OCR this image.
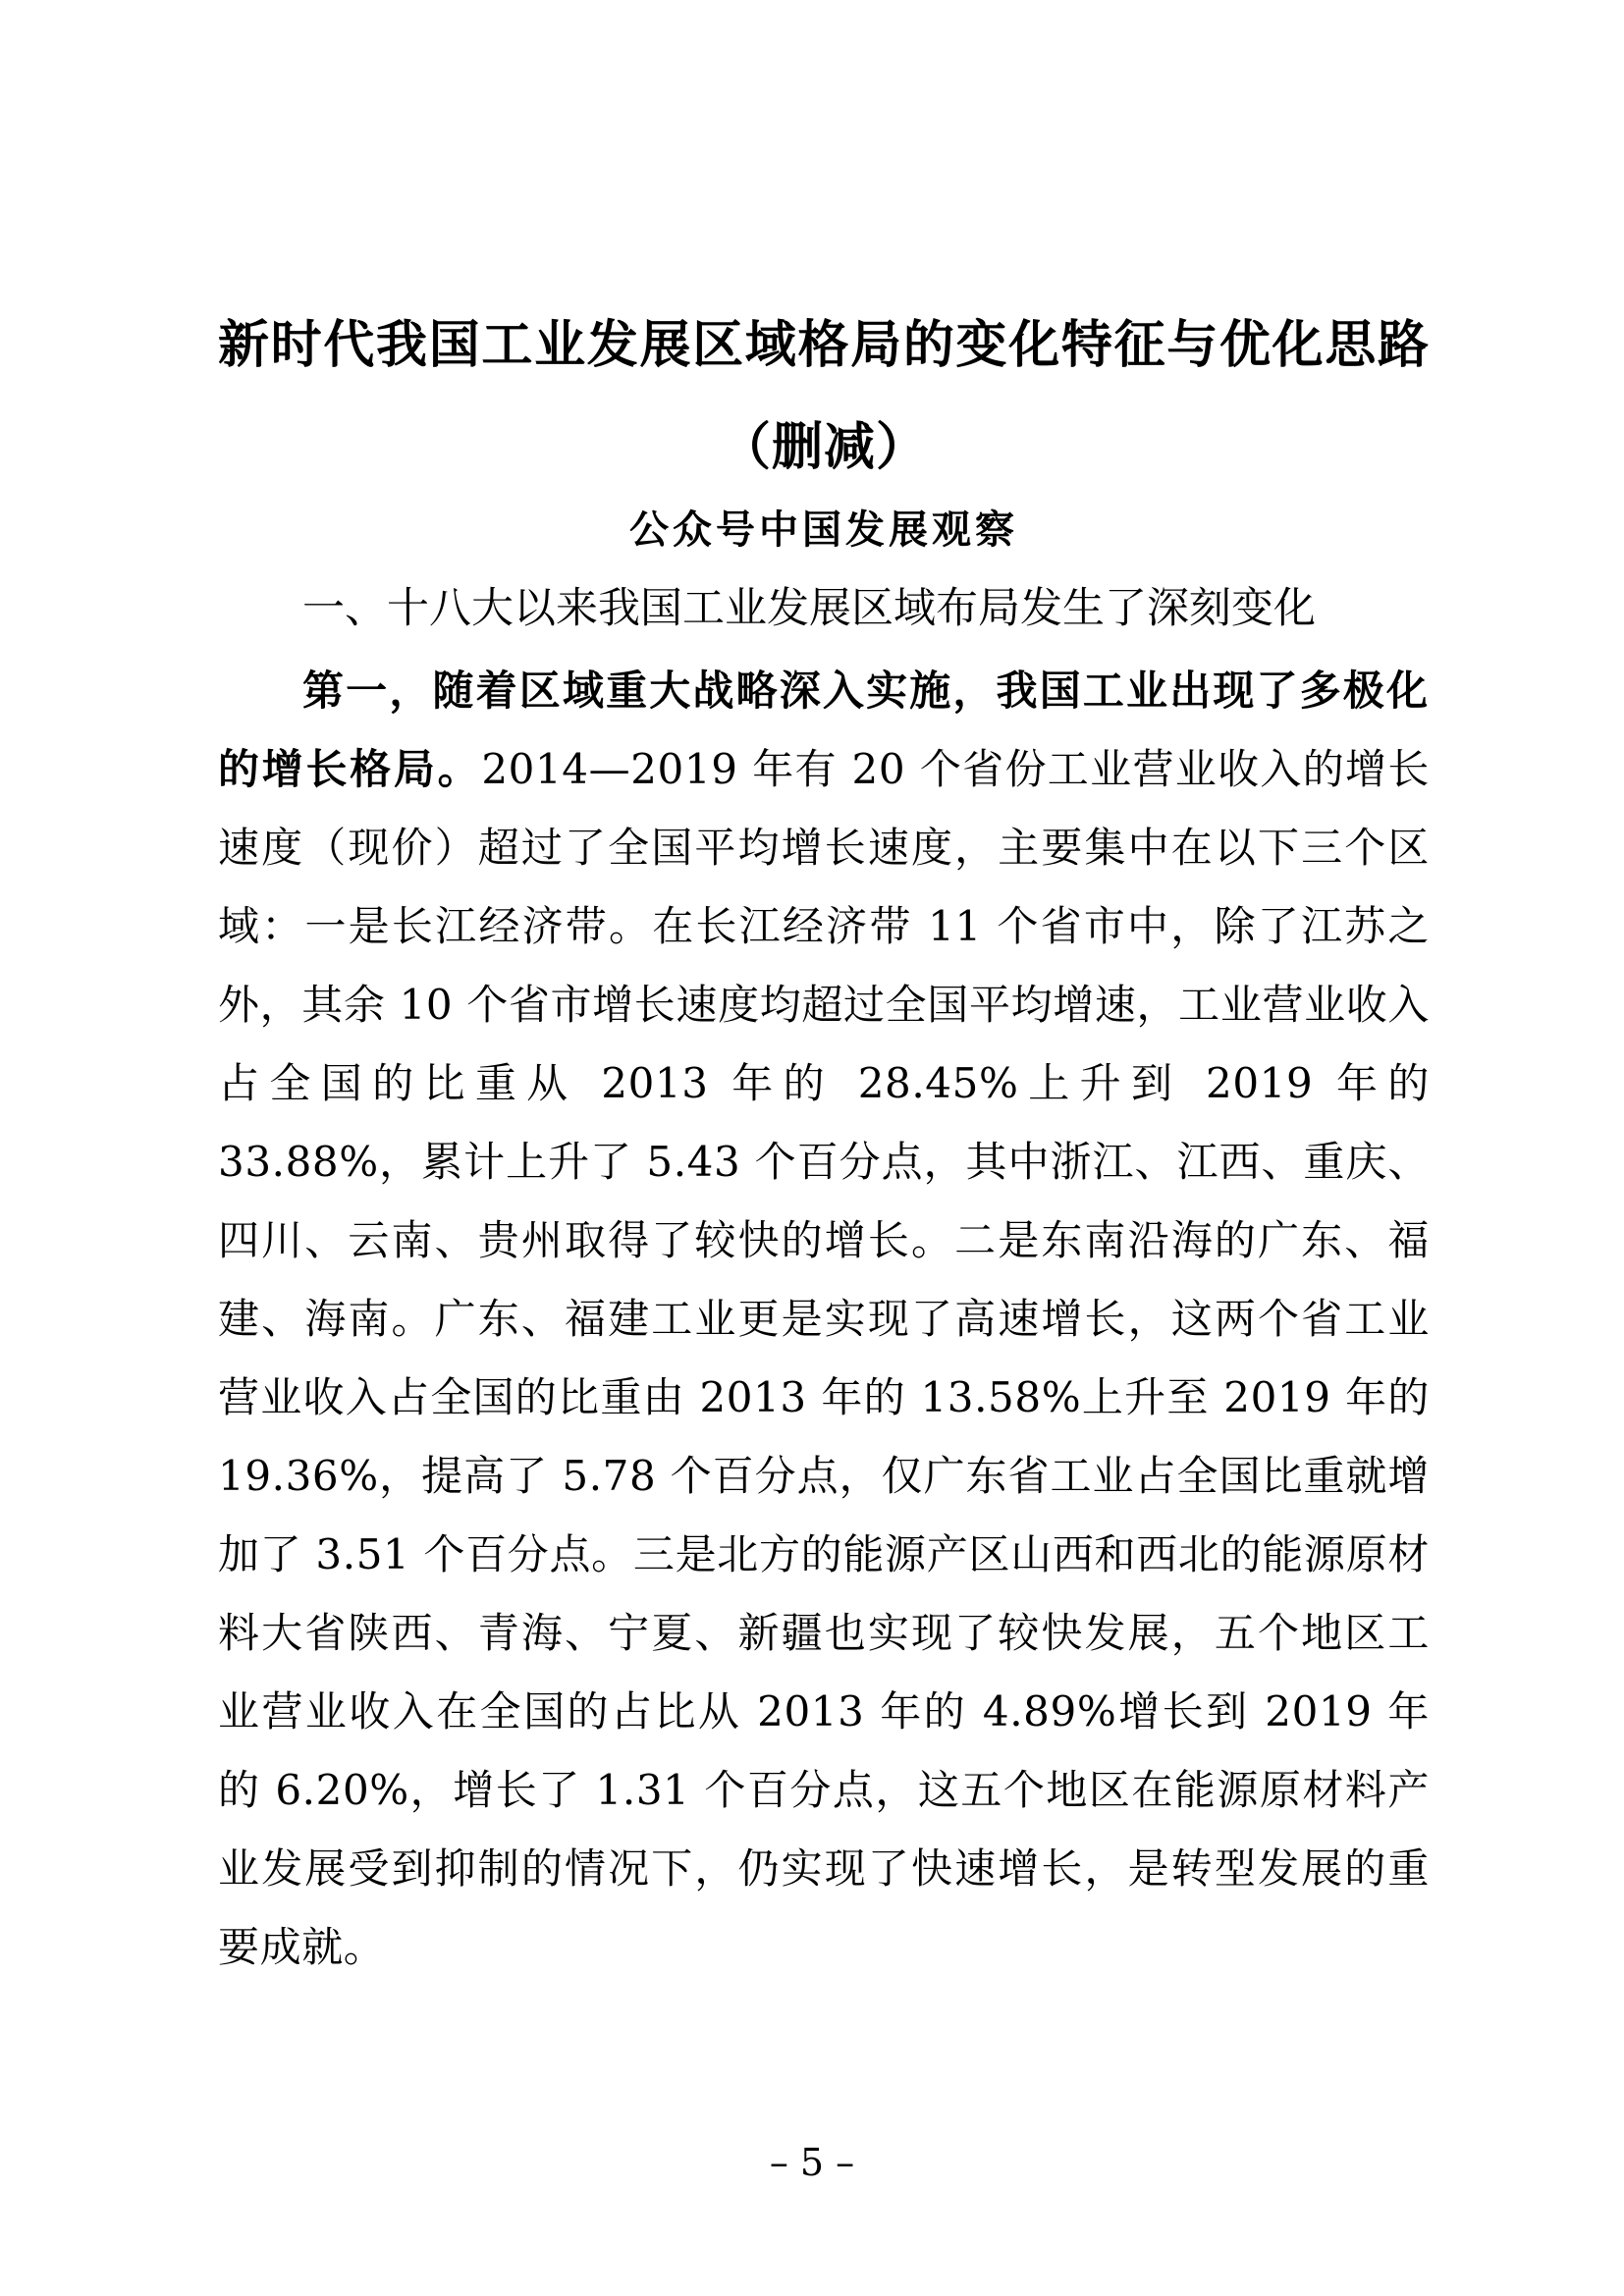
新时代我国工业发展区域格局的变化特征与优化思路（删减）
公众号中国发展观察
一、十八大以来我国工业发展区域布局发生了深刻变化
第一，随着区域重大战略深入实施，我国工业出现了多极化的增长格局。2014—2019 年有 20 个省份工业营业收入的增长速度（现价）超过了全国平均增长速度，主要集中在以下三个区域：一是长江经济带。在长江经济带 11 个省市中，除了江苏之外，其余 10 个省市增长速度均超过全国平均增速，工业营业收入占全国的比重从 2013 年的 28.45%上升到 2019 年的 33.88%，累计上升了 5.43 个百分点，其中浙江、江西、重庆、四川、云南、贵州取得了较快的增长。二是东南沿海的广东、福建、海南。广东、福建工业更是实现了高速增长，这两个省工业营业收入占全国的比重由 2013 年的 13.58%上升至 2019 年的 19.36%，提高了 5.78 个百分点，仅广东省工业占全国比重就增加了 3.51 个百分点。三是北方的能源产区山西和西北的能源原材料大省陕西、青海、宁夏、新疆也实现了较快发展，五个地区工业营业收入在全国的占比从 2013 年的 4.89%增长到 2019 年的 6.20%，增长了 1.31 个百分点，这五个地区在能源原材料产业发展受到抑制的情况下，仍实现了快速增长，是转型发展的重要成就。
– 5 –
